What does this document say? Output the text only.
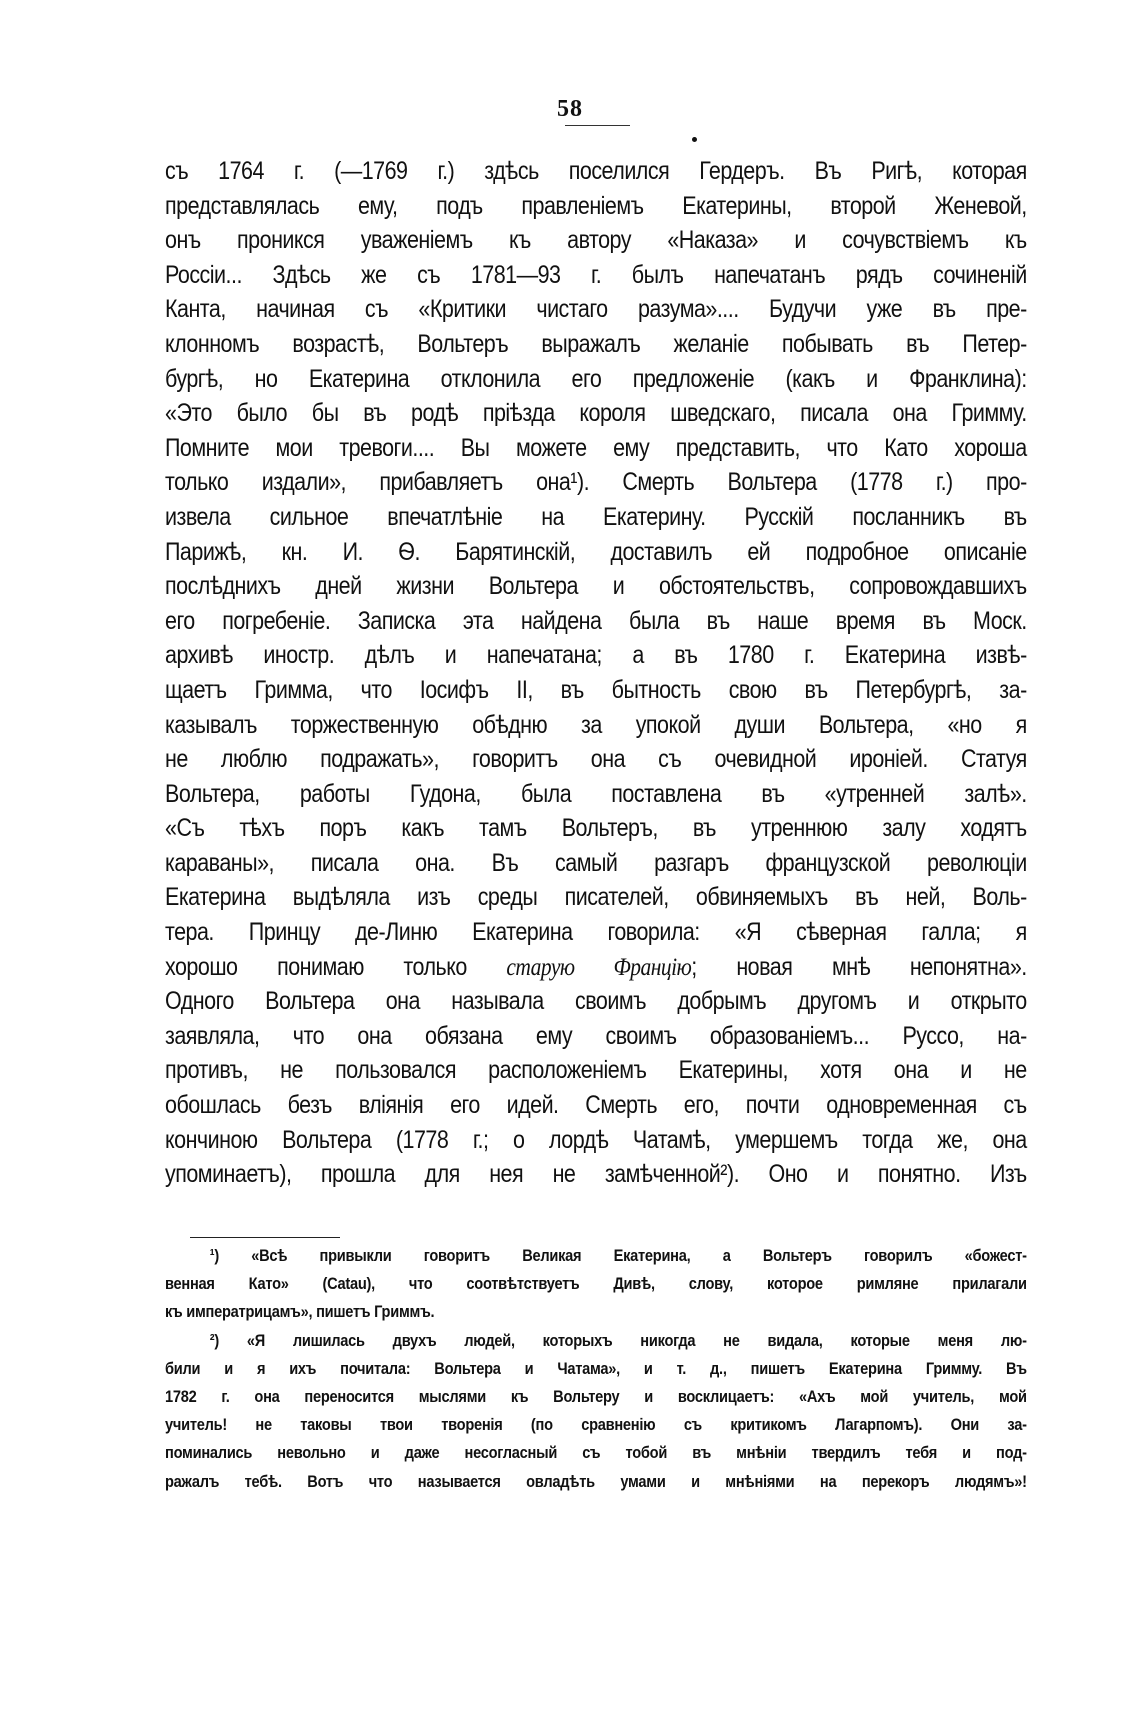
58
съ 1764 г. (—1769 г.) здѣсь поселился Гердеръ. Въ Ригѣ, которая
представлялась ему, подъ правленіемъ Екатерины, второй Женевой,
онъ проникся уваженіемъ къ автору «Наказа» и сочувствіемъ къ
Россіи... Здѣсь же съ 1781—93 г. былъ напечатанъ рядъ сочиненій
Канта, начиная съ «Критики чистаго разума».... Будучи уже въ пре-
клонномъ возрастѣ, Вольтеръ выражалъ желаніе побывать въ Петер-
бургѣ, но Екатерина отклонила его предложеніе (какъ и Франклина):
«Это было бы въ родѣ пріѣзда короля шведскаго, писала она Гримму.
Помните мои тревоги.... Вы можете ему представить, что Като хороша
только издали», прибавляетъ она¹). Смерть Вольтера (1778 г.) про-
извела сильное впечатлѣніе на Екатерину. Русскій посланникъ въ
Парижѣ, кн. И. Ѳ. Барятинскій, доставилъ ей подробное описаніе
послѣднихъ дней жизни Вольтера и обстоятельствъ, сопровождавшихъ
его погребеніе. Записка эта найдена была въ наше время въ Моск.
архивѣ иностр. дѣлъ и напечатана; а въ 1780 г. Екатерина извѣ-
щаетъ Гримма, что Іосифъ II, въ бытность свою въ Петербургѣ, за-
казывалъ торжественную обѣдню за упокой души Вольтера, «но я
не люблю подражать», говоритъ она съ очевидной ироніей. Статуя
Вольтера, работы Гудона, была поставлена въ «утренней залѣ».
«Съ тѣхъ поръ какъ тамъ Вольтеръ, въ утреннюю залу ходятъ
караваны», писала она. Въ самый разгаръ французской революціи
Екатерина выдѣляла изъ среды писателей, обвиняемыхъ въ ней, Воль-
тера. Принцу де-Линю Екатерина говорила: «Я сѣверная галла; я
хорошо понимаю только старую Францію; новая мнѣ непонятна».
Одного Вольтера она называла своимъ добрымъ другомъ и открыто
заявляла, что она обязана ему своимъ образованіемъ... Руссо, на-
противъ, не пользовался расположеніемъ Екатерины, хотя она и не
обошлась безъ вліянія его идей. Смерть его, почти одновременная съ
кончиною Вольтера (1778 г.; о лордѣ Чатамѣ, умершемъ тогда же, она
упоминаетъ), прошла для нея не замѣченной²). Оно и понятно. Изъ
¹) «Всѣ привыкли говоритъ Великая Екатерина, а Вольтеръ говорилъ «божест-
венная Като» (Catau), что соотвѣтствуетъ Дивѣ, слову, которое римляне прилагали
къ императрицамъ», пишетъ Гриммъ.
²) «Я лишилась двухъ людей, которыхъ никогда не видала, которые меня лю-
били и я ихъ почитала: Вольтера и Чатама», и т. д., пишетъ Екатерина Гримму. Въ
1782 г. она переносится мыслями къ Вольтеру и восклицаетъ: «Ахъ мой учитель, мой
учитель! не таковы твои творенія (по сравненію съ критикомъ Лагарпомъ). Они за-
поминались невольно и даже несогласный съ тобой въ мнѣніи твердилъ тебя и под-
ражалъ тебѣ. Вотъ что называется овладѣть умами и мнѣніями на перекоръ людямъ»!
